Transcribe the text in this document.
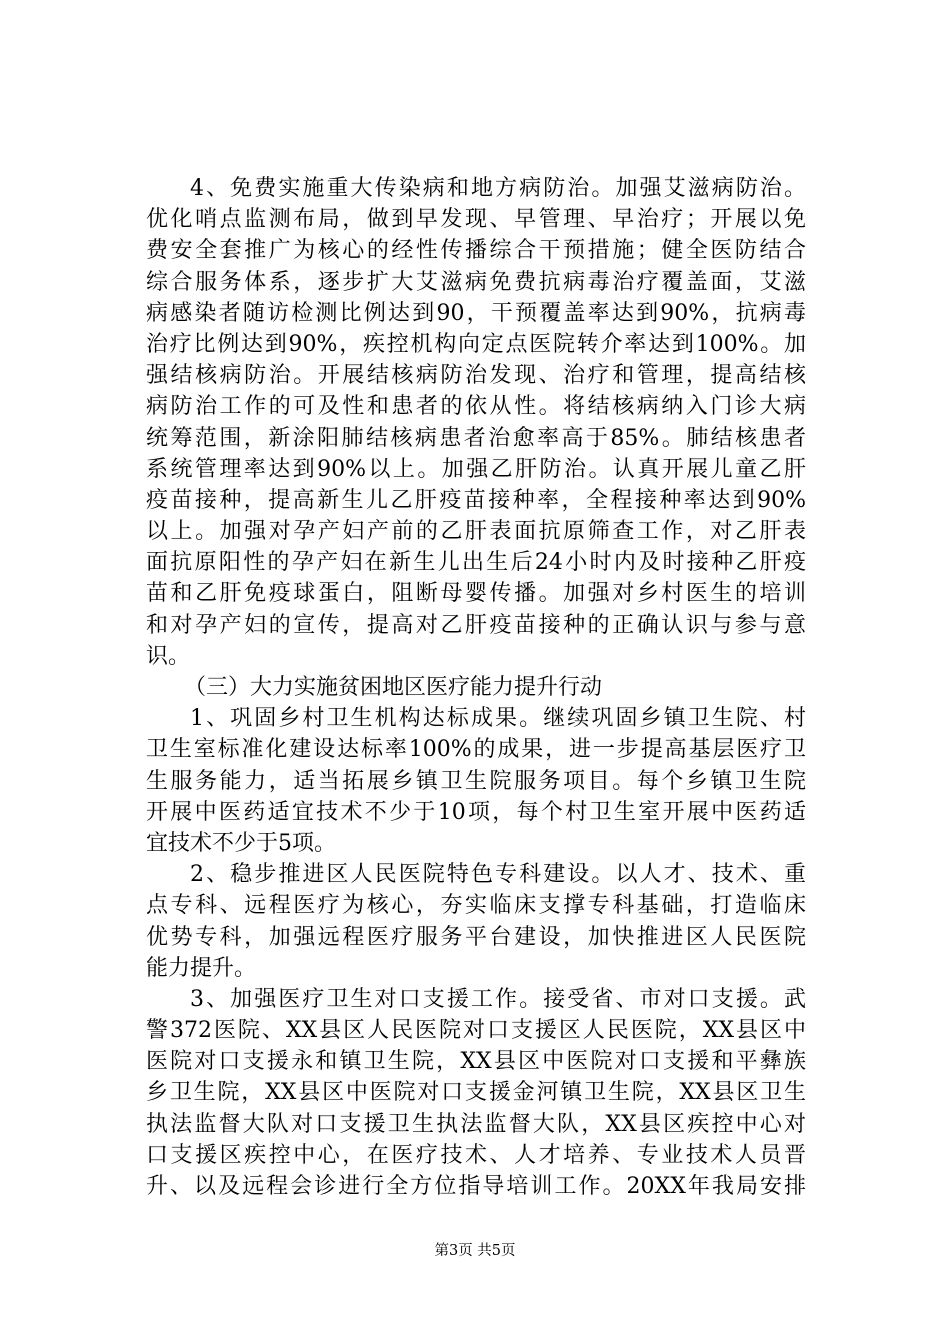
4、免费实施重大传染病和地方病防治。加强艾滋病防治。
优化哨点监测布局，做到早发现、早管理、早治疗；开展以免
费安全套推广为核心的经性传播综合干预措施；健全医防结合
综合服务体系，逐步扩大艾滋病免费抗病毒治疗覆盖面，艾滋
病感染者随访检测比例达到90，干预覆盖率达到90%，抗病毒
治疗比例达到90%，疾控机构向定点医院转介率达到100%。加
强结核病防治。开展结核病防治发现、治疗和管理，提高结核
病防治工作的可及性和患者的依从性。将结核病纳入门诊大病
统筹范围，新涂阳肺结核病患者治愈率高于85%。肺结核患者
系统管理率达到90%以上。加强乙肝防治。认真开展儿童乙肝
疫苗接种，提高新生儿乙肝疫苗接种率，全程接种率达到90%
以上。加强对孕产妇产前的乙肝表面抗原筛查工作，对乙肝表
面抗原阳性的孕产妇在新生儿出生后24小时内及时接种乙肝疫
苗和乙肝免疫球蛋白，阻断母婴传播。加强对乡村医生的培训
和对孕产妇的宣传，提高对乙肝疫苗接种的正确认识与参与意
识。
（三）大力实施贫困地区医疗能力提升行动
1、巩固乡村卫生机构达标成果。继续巩固乡镇卫生院、村
卫生室标准化建设达标率100%的成果，进一步提高基层医疗卫
生服务能力，适当拓展乡镇卫生院服务项目。每个乡镇卫生院
开展中医药适宜技术不少于10项，每个村卫生室开展中医药适
宜技术不少于5项。
2、稳步推进区人民医院特色专科建设。以人才、技术、重
点专科、远程医疗为核心，夯实临床支撑专科基础，打造临床
优势专科，加强远程医疗服务平台建设，加快推进区人民医院
能力提升。
3、加强医疗卫生对口支援工作。接受省、市对口支援。武
警372医院、XX县区人民医院对口支援区人民医院，XX县区中
医院对口支援永和镇卫生院，XX县区中医院对口支援和平彝族
乡卫生院，XX县区中医院对口支援金河镇卫生院，XX县区卫生
执法监督大队对口支援卫生执法监督大队，XX县区疾控中心对
口支援区疾控中心，在医疗技术、人才培养、专业技术人员晋
升、以及远程会诊进行全方位指导培训工作。20XX年我局安排
第3页 共5页
